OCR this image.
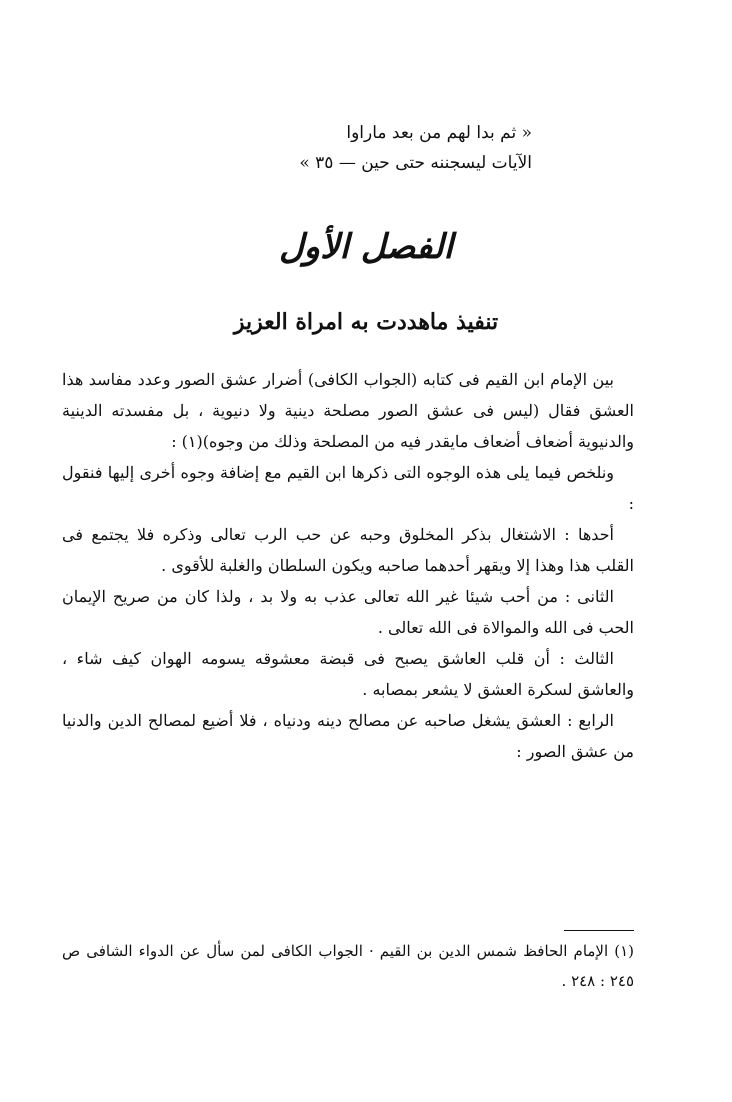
« ثم بدا لهم من بعد ماراوا
الآيات ليسجننه حتى حين — ٣٥ »
الفصل الأول
تنفيذ ماهددت به امراة العزيز

بين الإمام ابن القيم فى كتابه (الجواب الكافى) أضرار عشق الصور وعدد مفاسد هذا العشق فقال (ليس فى عشق الصور مصلحة دينية ولا دنيوية ، بل مفسدته الدينية والدنيوية أضعاف أضعاف مايقدر فيه من المصلحة وذلك من وجوه)(١) :

ونلخص فيما يلى هذه الوجوه التى ذكرها ابن القيم مع إضافة وجوه أخرى إليها فنقول :

أحدها : الاشتغال بذكر المخلوق وحبه عن حب الرب تعالى وذكره فلا يجتمع فى القلب هذا وهذا إلا ويقهر أحدهما صاحبه ويكون السلطان والغلبة للأقوى .

الثانى : من أحب شيئا غير الله تعالى عذب به ولا بد ، ولذا كان من صريح الإيمان الحب فى الله والموالاة فى الله تعالى .

الثالث : أن قلب العاشق يصبح فى قبضة معشوقه يسومه الهوان كيف شاء ، والعاشق لسكرة العشق لا يشعر بمصابه .

الرابع : العشق يشغل صاحبه عن مصالح دينه ودنياه ، فلا أضيع لمصالح الدين والدنيا من عشق الصور :

(١) الإمام الحافظ شمس الدين بن القيم · الجواب الكافى لمن سأل عن الدواء الشافى ص ٢٤٥ : ٢٤٨ .
